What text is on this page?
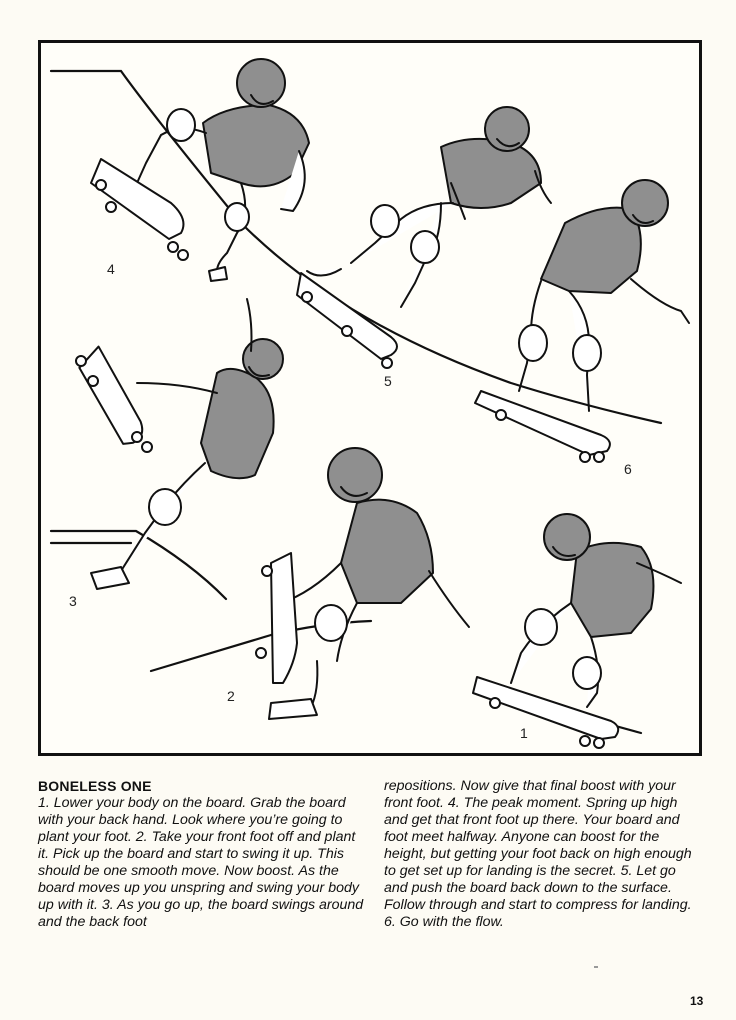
4
5
6
3
2
1
BONELESS ONE
1. Lower your body on the board. Grab the board with your back hand. Look where you’re going to plant your foot. 2. Take your front foot off and plant it. Pick up the board and start to swing it up. This should be one smooth move. Now boost. As the board moves up you unspring and swing your body up with it. 3. As you go up, the board swings around and the back foot
repositions. Now give that final boost with your front foot. 4. The peak moment. Spring up high and get that front foot up there. Your board and foot meet halfway. Anyone can boost for the height, but getting your foot back on high enough to get set up for landing is the secret. 5. Let go and push the board back down to the surface. Follow through and start to compress for landing. 6. Go with the flow.
13
